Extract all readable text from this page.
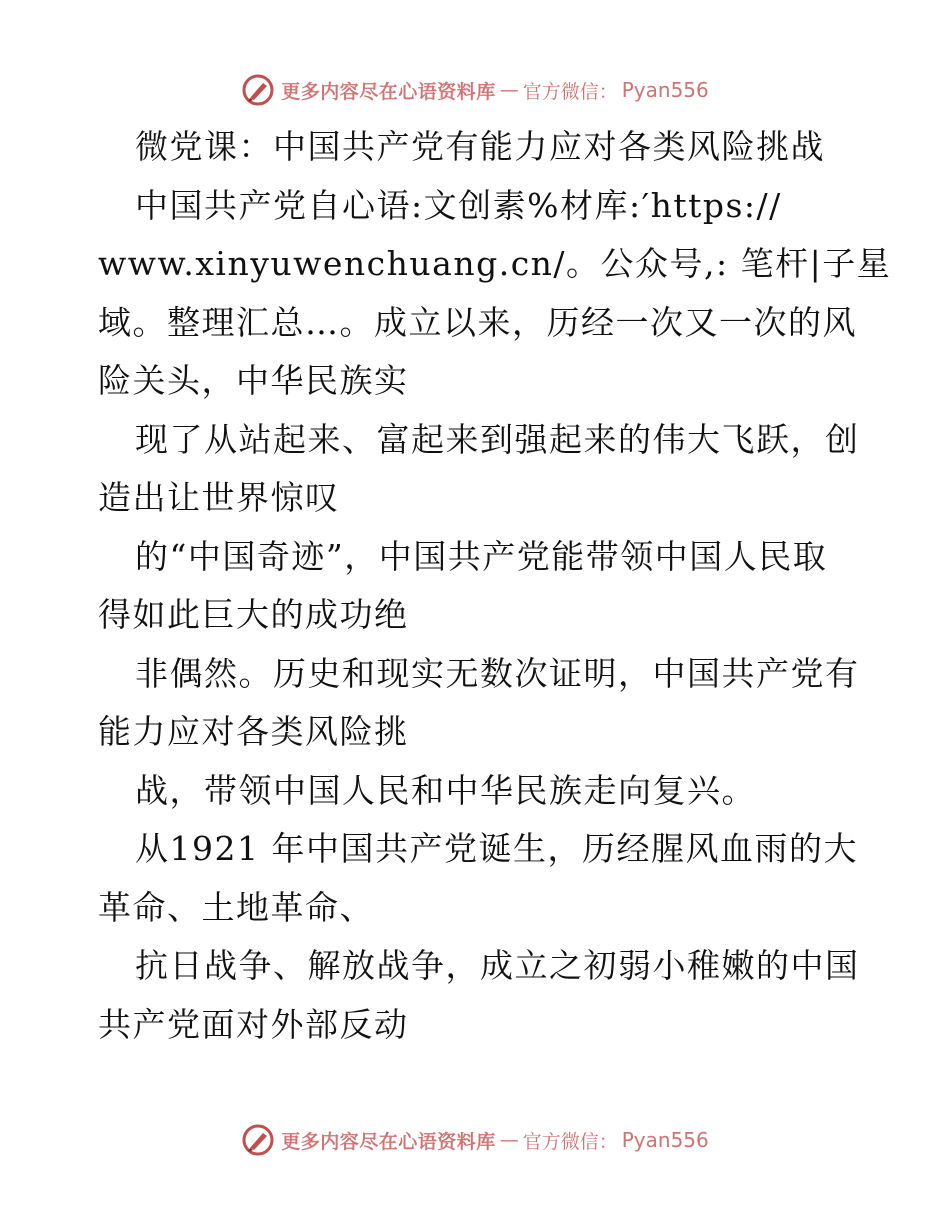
更多内容尽在心语资料库 — 官方微信： Pyan556
微党课：中国共产党有能力应对各类风险挑战
中国共产党自心语:文创素%材库:′https://
www.xinyuwenchuang.cn/。公众号,: 笔杆|子星
域。整理汇总…。成立以来，历经一次又一次的风
险关头，中华民族实
现了从站起来、富起来到强起来的伟大飞跃，创
造出让世界惊叹
的“中国奇迹”，中国共产党能带领中国人民取
得如此巨大的成功绝
非偶然。历史和现实无数次证明，中国共产党有
能力应对各类风险挑
战，带领中国人民和中华民族走向复兴。
从1921 年中国共产党诞生，历经腥风血雨的大
革命、土地革命、
抗日战争、解放战争，成立之初弱小稚嫩的中国
共产党面对外部反动
更多内容尽在心语资料库 — 官方微信： Pyan556
